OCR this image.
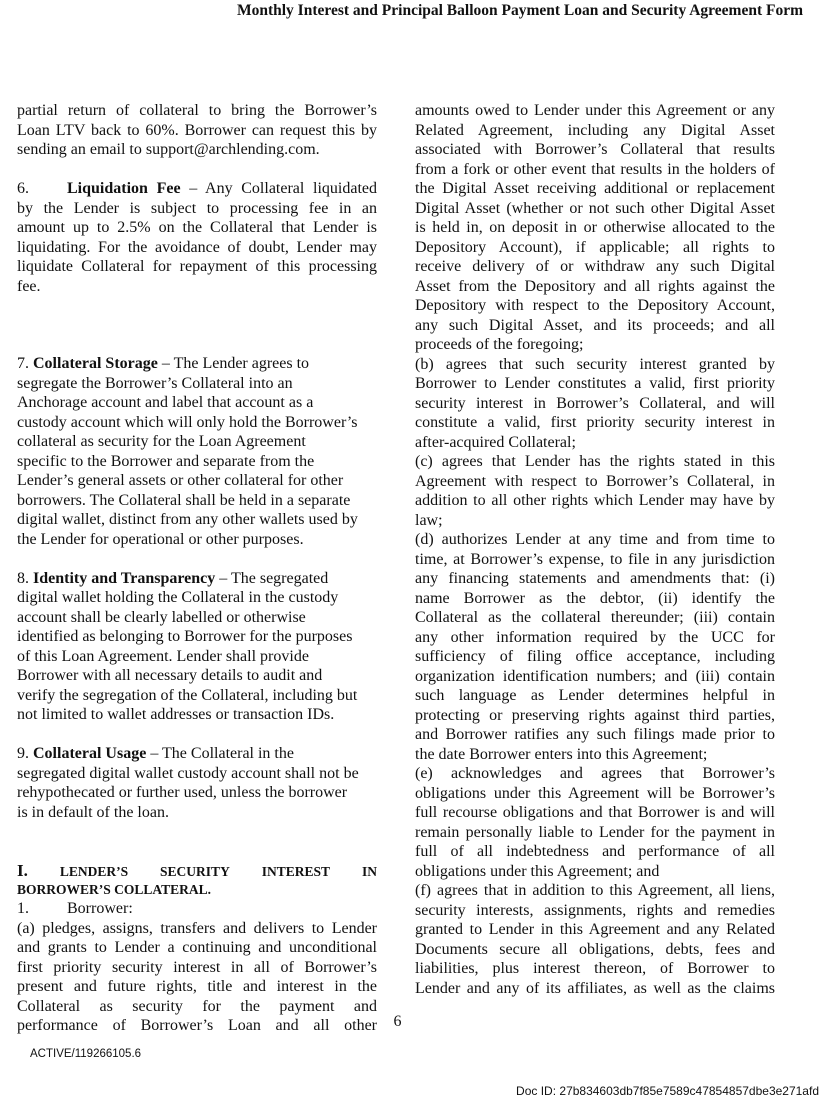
Monthly Interest and Principal Balloon Payment Loan and Security Agreement Form
partial return of collateral to bring the Borrower’s
Loan LTV back to 60%. Borrower can request this by
sending an email to support@archlending.com.
6. Liquidation Fee – Any Collateral liquidated
by the Lender is subject to processing fee in an
amount up to 2.5% on the Collateral that Lender is
liquidating. For the avoidance of doubt, Lender may
liquidate Collateral for repayment of this processing
fee.
7. Collateral Storage – The Lender agrees to
segregate the Borrower’s Collateral into an
Anchorage account and label that account as a
custody account which will only hold the Borrower’s
collateral as security for the Loan Agreement
specific to the Borrower and separate from the
Lender’s general assets or other collateral for other
borrowers. The Collateral shall be held in a separate
digital wallet, distinct from any other wallets used by
the Lender for operational or other purposes.
8. Identity and Transparency – The segregated
digital wallet holding the Collateral in the custody
account shall be clearly labelled or otherwise
identified as belonging to Borrower for the purposes
of this Loan Agreement. Lender shall provide
Borrower with all necessary details to audit and
verify the segregation of the Collateral, including but
not limited to wallet addresses or transaction IDs.
9. Collateral Usage – The Collateral in the
segregated digital wallet custody account shall not be
rehypothecated or further used, unless the borrower
is in default of the loan.
I. LENDER’S SECURITY INTEREST IN
BORROWER’S COLLATERAL.
1. Borrower:
(a) pledges, assigns, transfers and delivers to Lender
and grants to Lender a continuing and unconditional
first priority security interest in all of Borrower’s
present and future rights, title and interest in the
Collateral as security for the payment and
performance of Borrower’s Loan and all other
amounts owed to Lender under this Agreement or any
Related Agreement, including any Digital Asset
associated with Borrower’s Collateral that results
from a fork or other event that results in the holders of
the Digital Asset receiving additional or replacement
Digital Asset (whether or not such other Digital Asset
is held in, on deposit in or otherwise allocated to the
Depository Account), if applicable; all rights to
receive delivery of or withdraw any such Digital
Asset from the Depository and all rights against the
Depository with respect to the Depository Account,
any such Digital Asset, and its proceeds; and all
proceeds of the foregoing;
(b) agrees that such security interest granted by
Borrower to Lender constitutes a valid, first priority
security interest in Borrower’s Collateral, and will
constitute a valid, first priority security interest in
after-acquired Collateral;
(c) agrees that Lender has the rights stated in this
Agreement with respect to Borrower’s Collateral, in
addition to all other rights which Lender may have by
law;
(d) authorizes Lender at any time and from time to
time, at Borrower’s expense, to file in any jurisdiction
any financing statements and amendments that: (i)
name Borrower as the debtor, (ii) identify the
Collateral as the collateral thereunder; (iii) contain
any other information required by the UCC for
sufficiency of filing office acceptance, including
organization identification numbers; and (iii) contain
such language as Lender determines helpful in
protecting or preserving rights against third parties,
and Borrower ratifies any such filings made prior to
the date Borrower enters into this Agreement;
(e) acknowledges and agrees that Borrower’s
obligations under this Agreement will be Borrower’s
full recourse obligations and that Borrower is and will
remain personally liable to Lender for the payment in
full of all indebtedness and performance of all
obligations under this Agreement; and
(f) agrees that in addition to this Agreement, all liens,
security interests, assignments, rights and remedies
granted to Lender in this Agreement and any Related
Documents secure all obligations, debts, fees and
liabilities, plus interest thereon, of Borrower to
Lender and any of its affiliates, as well as the claims
6
ACTIVE/119266105.6
Doc ID: 27b834603db7f85e7589c47854857dbe3e271afd
